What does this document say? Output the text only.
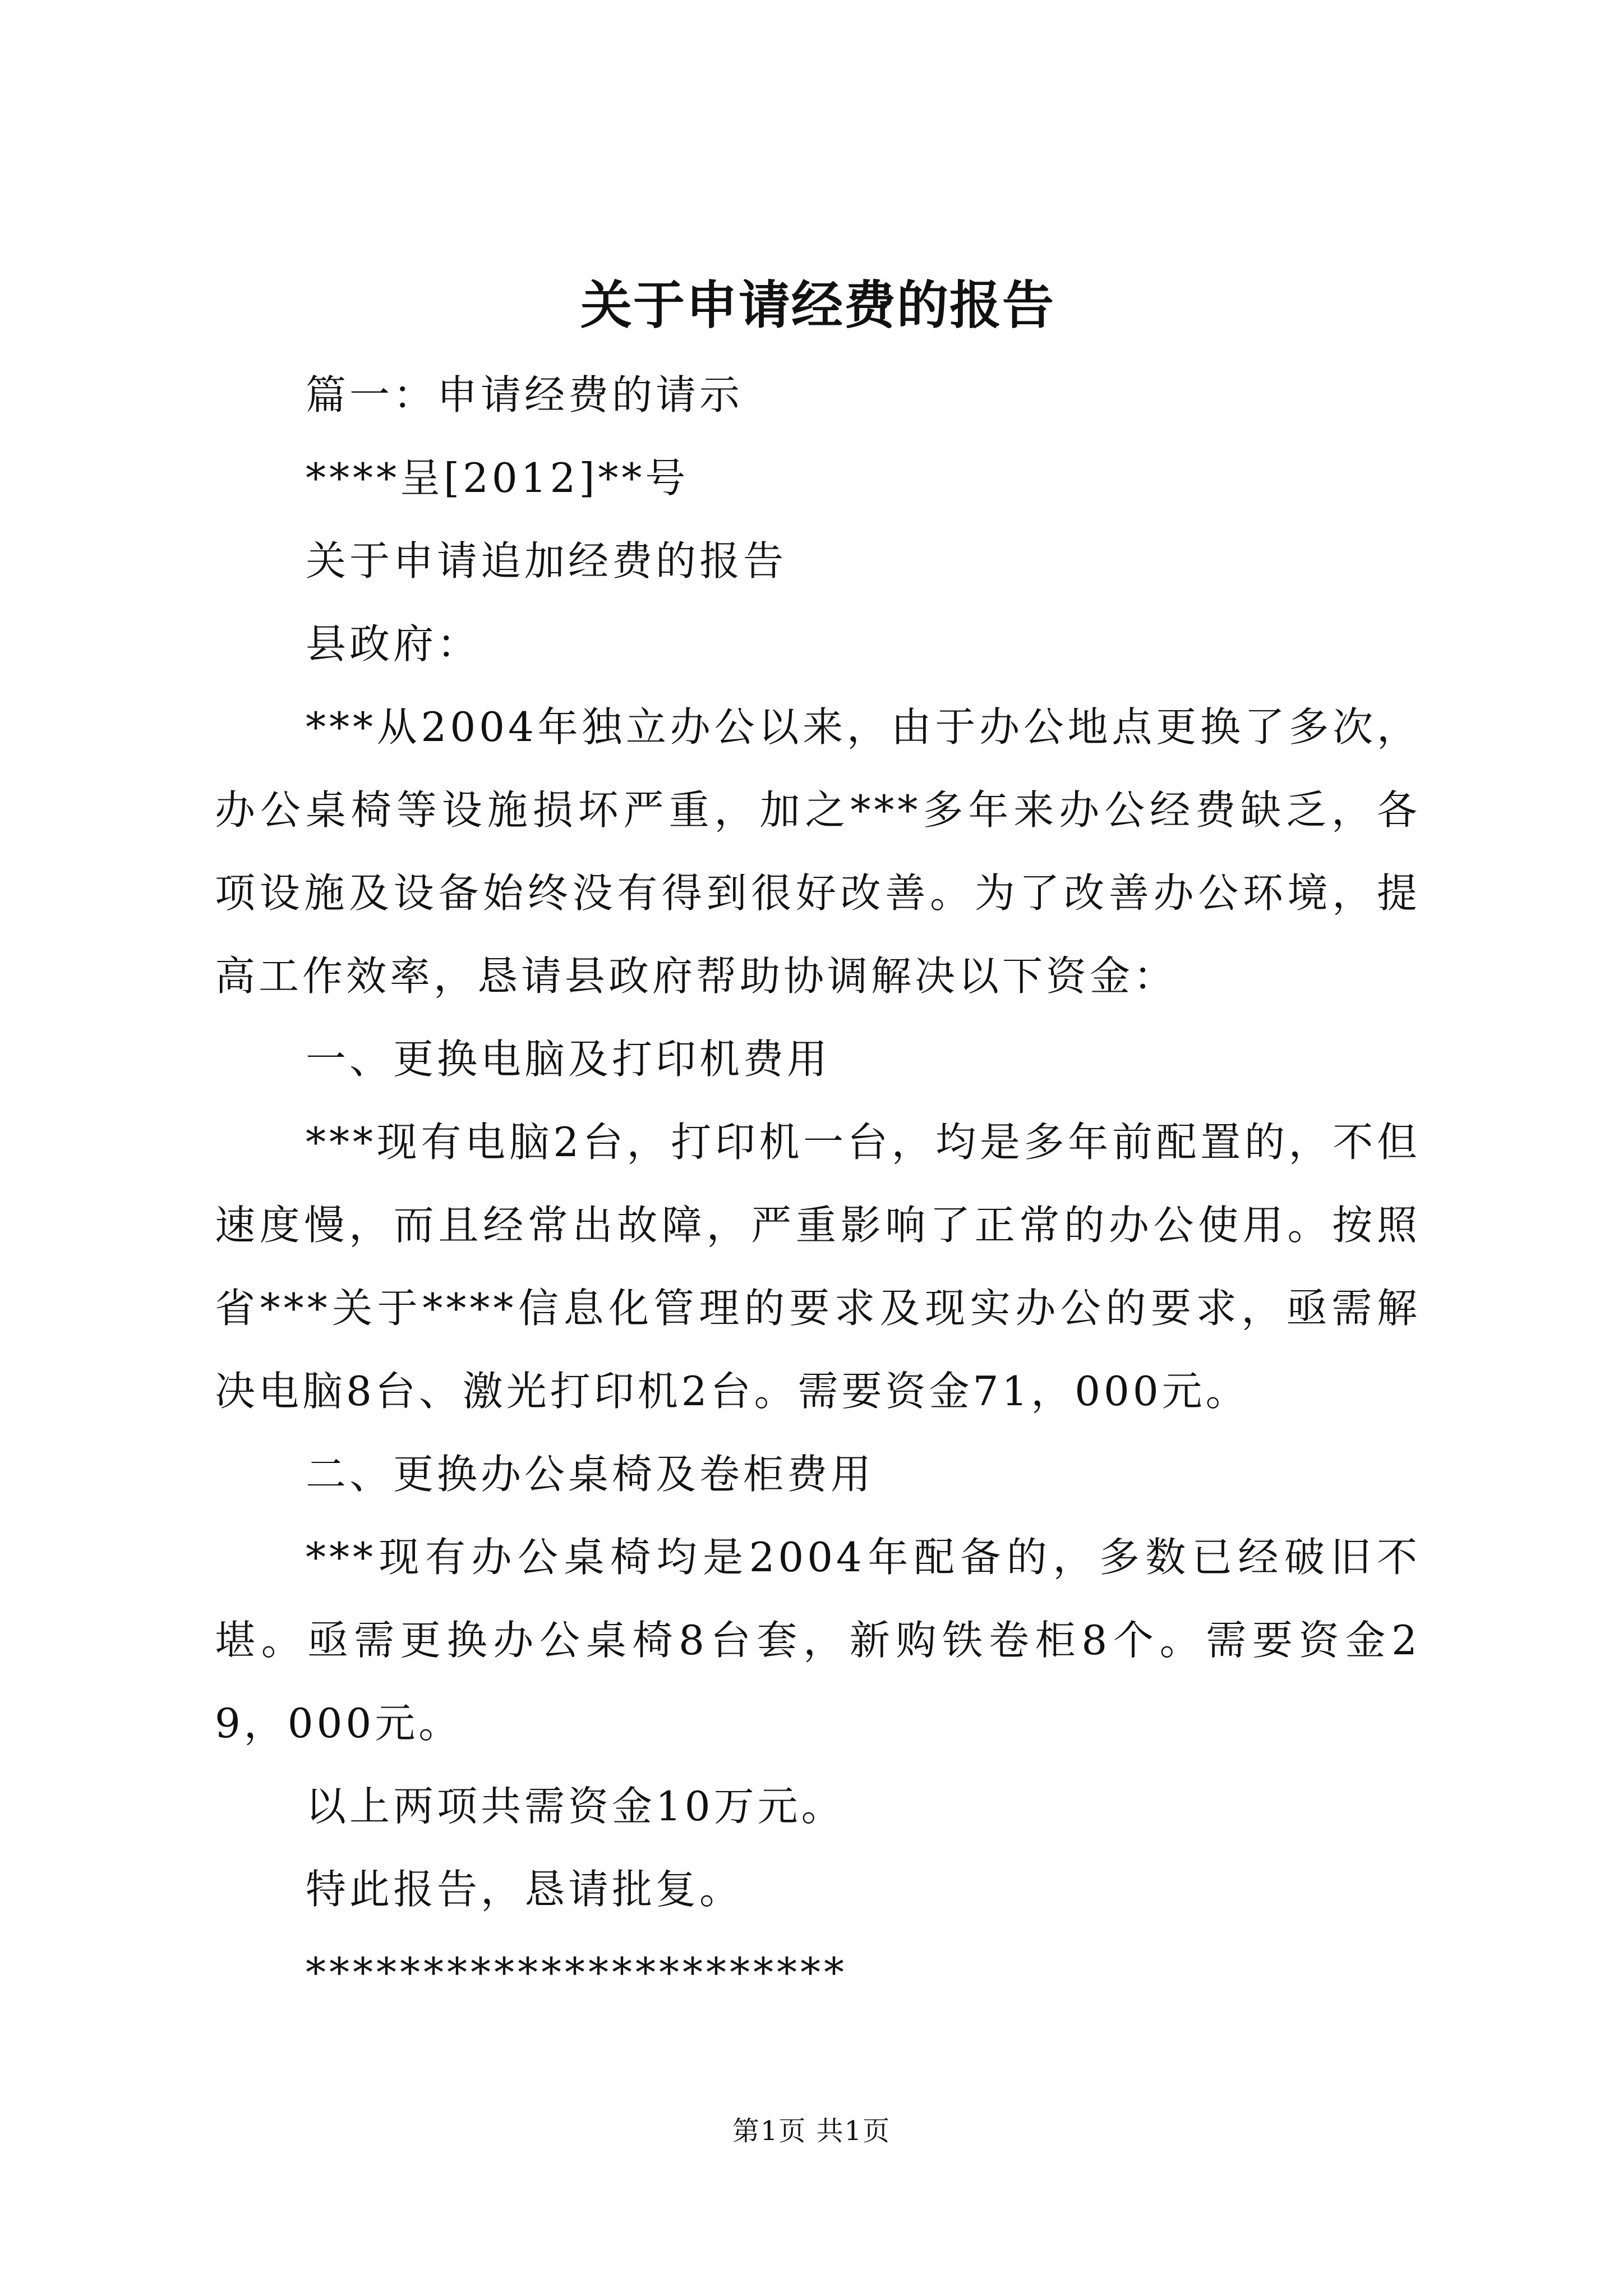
关于申请经费的报告

篇一：申请经费的请示

****呈[2012]**号

关于申请追加经费的报告

县政府：

***从2004年独立办公以来，由于办公地点更换了多次，办公桌椅等设施损坏严重，加之***多年来办公经费缺乏，各项设施及设备始终没有得到很好改善。为了改善办公环境，提高工作效率，恳请县政府帮助协调解决以下资金：

一、更换电脑及打印机费用

***现有电脑2台，打印机一台，均是多年前配置的，不但速度慢，而且经常出故障，严重影响了正常的办公使用。按照省***关于****信息化管理的要求及现实办公的要求，亟需解决电脑8台、激光打印机2台。需要资金71，000元。

二、更换办公桌椅及卷柜费用

***现有办公桌椅均是2004年配备的，多数已经破旧不堪。亟需更换办公桌椅8台套，新购铁卷柜8个。需要资金29，000元。

以上两项共需资金10万元。

特此报告，恳请批复。

***********************

第1页 共1页
